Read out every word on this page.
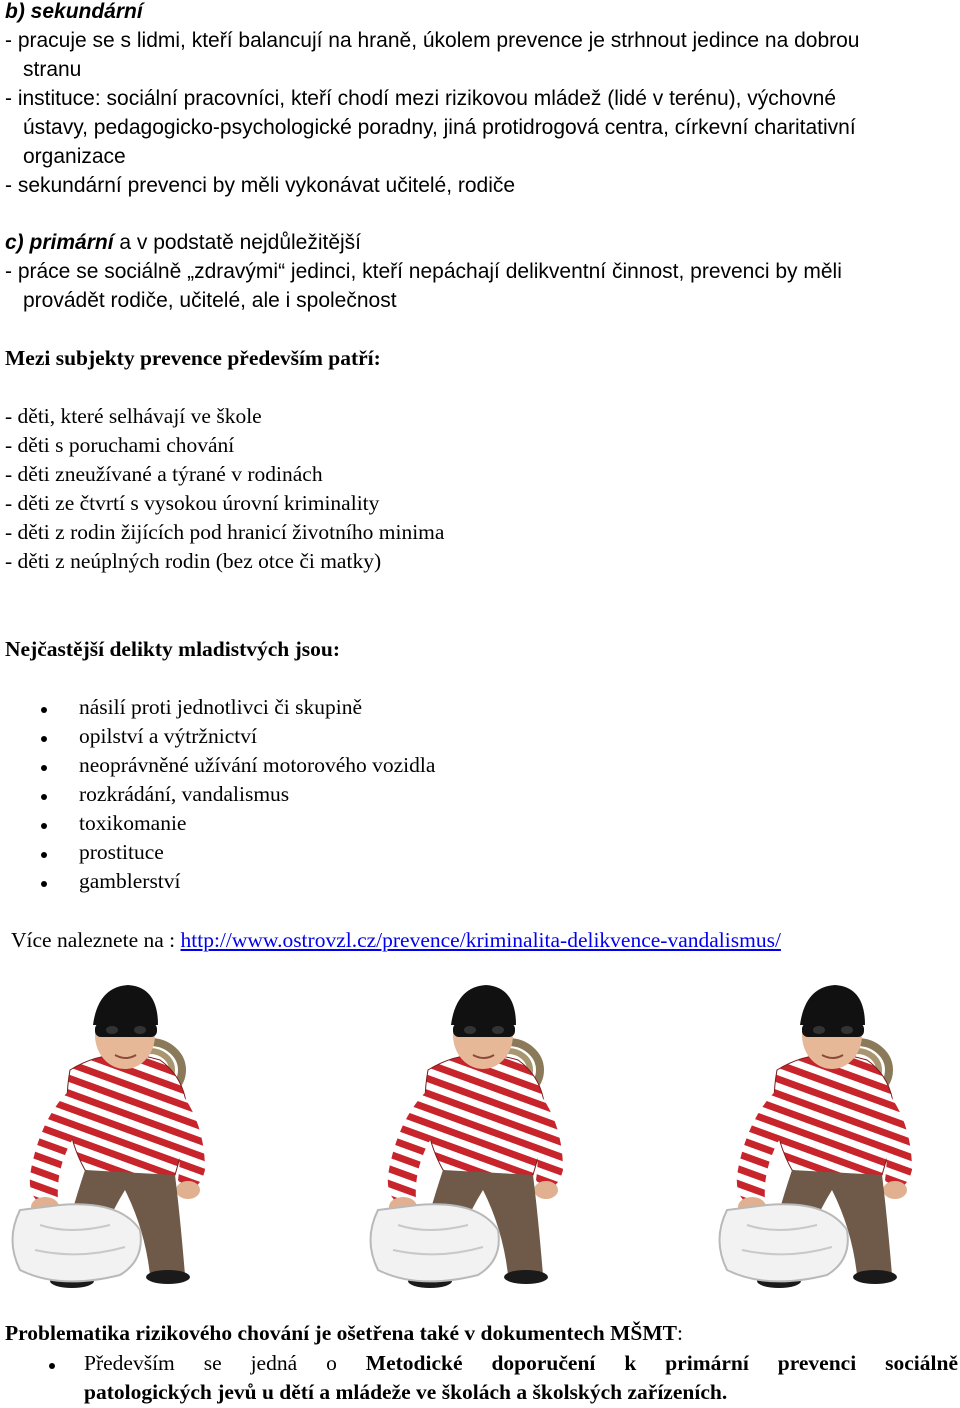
b) sekundární
- pracuje se s lidmi, kteří balancují na hraně, úkolem prevence je strhnout jedince na dobrou
stranu
- instituce: sociální pracovníci, kteří chodí mezi rizikovou mládež (lidé v terénu), výchovné
ústavy, pedagogicko-psychologické poradny, jiná protidrogová centra, církevní charitativní
organizace
- sekundární prevenci by měli vykonávat učitelé, rodiče
c) primární a v podstatě nejdůležitější
- práce se sociálně „zdravými“ jedinci, kteří nepáchají delikventní činnost, prevenci by měli
provádět rodiče, učitelé, ale i společnost
Mezi subjekty prevence především patří:
- děti, které selhávají ve škole
- děti s poruchami chování
- děti zneužívané a týrané v rodinách
- děti ze čtvrtí s vysokou úrovní kriminality
- děti z rodin žijících pod hranicí životního minima
- děti z neúplných rodin (bez otce či matky)
Nejčastější delikty mladistvých jsou:
násilí proti jednotlivci či skupině
opilství a výtržnictví
neoprávněné užívání motorového vozidla
rozkrádání, vandalismus
toxikomanie
prostituce
gamblerství
Více naleznete na : http://www.ostrovzl.cz/prevence/kriminalita-delikvence-vandalismus/
Problematika rizikového chování je ošetřena také v dokumentech MŠMT:
Především se jedná o Metodické doporučení k primární prevenci sociálně
patologických jevů u dětí a mládeže ve školách a školských zařízeních.
